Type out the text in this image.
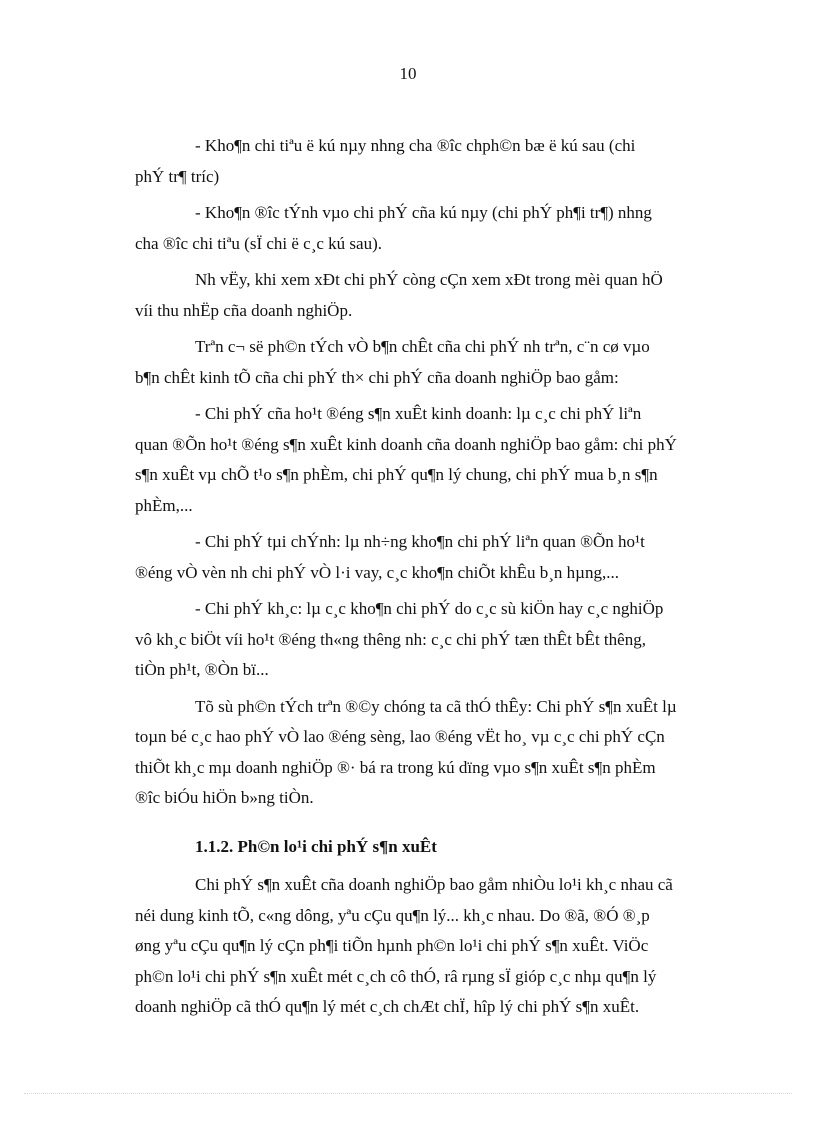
10
- Kho¶n chi tiªu ë kú nµy nhng cha ®îc chph©n bæ ë kú sau (chi
phÝ tr¶ tríc)
- Kho¶n ®îc tÝnh vµo chi phÝ cña kú nµy (chi phÝ ph¶i tr¶) nhng
cha ®îc chi tiªu (sÏ chi ë c¸c kú sau).
Nh vËy, khi xem xÐt chi phÝ còng cÇn xem xÐt trong mèi quan hÖ
víi thu nhËp cña doanh nghiÖp.
Trªn c¬ së ph©n tÝch vÒ b¶n chÊt cña chi phÝ nh trªn, c¨n cø vµo
b¶n chÊt kinh tÕ cña chi phÝ th× chi phÝ cña doanh nghiÖp bao gåm:
- Chi phÝ cña ho¹t ®éng s¶n xuÊt kinh doanh: lµ c¸c chi phÝ liªn
quan ®Õn ho¹t ®éng s¶n xuÊt kinh doanh cña doanh nghiÖp bao gåm: chi phÝ
s¶n xuÊt vµ chÕ t¹o s¶n phÈm, chi phÝ qu¶n lý chung, chi phÝ mua b¸n s¶n
phÈm,...
- Chi phÝ tµi chÝnh: lµ nh÷ng kho¶n chi phÝ liªn quan ®Õn ho¹t
®éng vÒ vèn nh chi phÝ vÒ l·i vay, c¸c kho¶n chiÕt khÊu b¸n hµng,...
- Chi phÝ kh¸c: lµ c¸c kho¶n chi phÝ do c¸c sù kiÖn hay c¸c nghiÖp
vô kh¸c biÖt víi ho¹t ®éng th«ng thêng nh: c¸c chi phÝ tæn thÊt bÊt thêng,
tiÒn ph¹t, ®Òn bï...
Tõ sù ph©n tÝch trªn ®©y chóng ta cã thÓ thÊy: Chi phÝ s¶n xuÊt lµ
toµn bé c¸c hao phÝ vÒ lao ®éng sèng, lao ®éng vËt ho¸ vµ c¸c chi phÝ cÇn
thiÕt kh¸c mµ doanh nghiÖp ®· bá ra trong kú dïng vµo s¶n xuÊt s¶n phÈm
®îc biÓu hiÖn b»ng tiÒn.
1.1.2. Ph©n lo¹i chi phÝ s¶n xuÊt
Chi phÝ s¶n xuÊt cña doanh nghiÖp bao gåm nhiÒu lo¹i kh¸c nhau cã
néi dung kinh tÕ, c«ng dông, yªu cÇu qu¶n lý... kh¸c nhau. Do ®ã, ®Ó ®¸p
øng yªu cÇu qu¶n lý cÇn ph¶i tiÕn hµnh ph©n lo¹i chi phÝ s¶n xuÊt. ViÖc
ph©n lo¹i chi phÝ s¶n xuÊt mét c¸ch cô thÓ, râ rµng sÏ gióp c¸c nhµ qu¶n lý
doanh nghiÖp cã thÓ qu¶n lý mét c¸ch chÆt chÏ, hîp lý chi phÝ s¶n xuÊt.
